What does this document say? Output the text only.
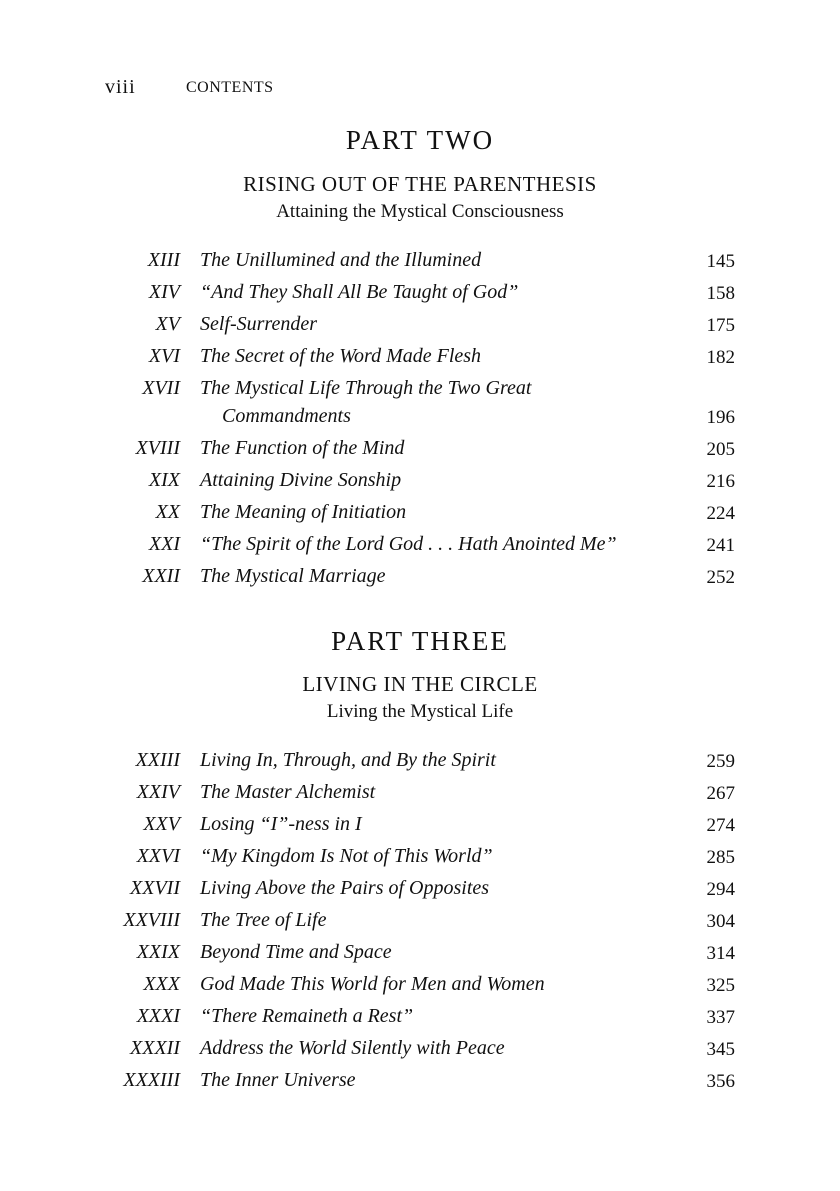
viii	CONTENTS
PART TWO
RISING OUT OF THE PARENTHESIS
Attaining the Mystical Consciousness
XIII The Unillumined and the Illumined	145
XIV “And They Shall All Be Taught of God”	158
XV Self-Surrender	175
XVI The Secret of the Word Made Flesh	182
XVII The Mystical Life Through the Two Great
Commandments	196
XVIII The Function of the Mind	205
XIX Attaining Divine Sonship	216
XX The Meaning of Initiation	224
XXI “The Spirit of the Lord God . . . Hath Anointed Me”	241
XXII The Mystical Marriage	252
PART THREE
LIVING IN THE CIRCLE
Living the Mystical Life
XXIII Living In, Through, and By the Spirit	259
XXIV The Master Alchemist	267
XXV Losing “I”-ness in I	274
XXVI “My Kingdom Is Not of This World”	285
XXVII Living Above the Pairs of Opposites	294
XXVIII The Tree of Life	304
XXIX Beyond Time and Space	314
XXX God Made This World for Men and Women	325
XXXI “There Remaineth a Rest”	337
XXXII Address the World Silently with Peace	345
XXXIII The Inner Universe	356
